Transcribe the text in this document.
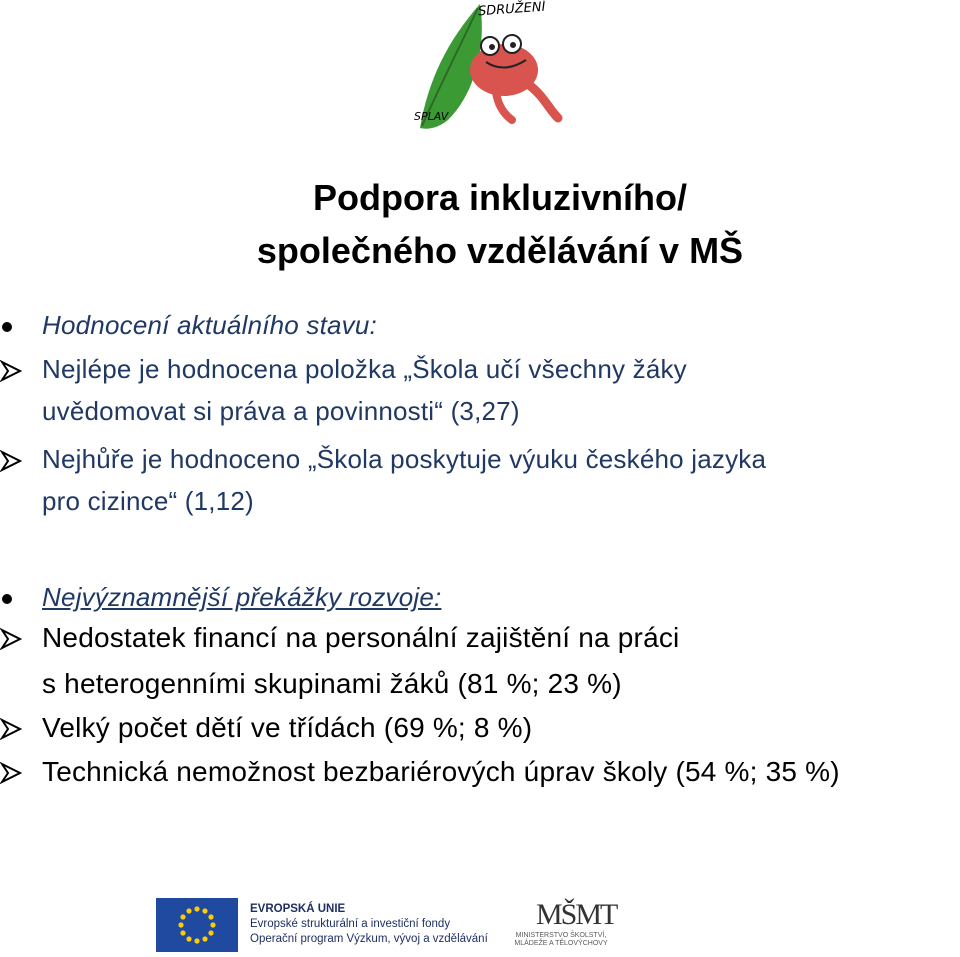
SDRUŽENÍ
SPLAV
Podpora inkluzivního/
společného vzdělávání v MŠ
Hodnocení aktuálního stavu:
Nejlépe je hodnocena položka „Škola učí všechny žáky
uvědomovat si práva a povinnosti“ (3,27)
Nejhůře je hodnoceno „Škola poskytuje výuku českého jazyka
pro cizince“ (1,12)
Nejvýznamnější překážky rozvoje:
Nedostatek financí na personální zajištění na práci
s heterogenními skupinami žáků (81 %; 23 %)
Velký počet dětí ve třídách (69 %; 8 %)
Technická nemožnost bezbariérových úprav školy (54 %; 35 %)
EVROPSKÁ UNIE
Evropské strukturální a investiční fondy
Operační program Výzkum, vývoj a vzdělávání
MŠMT
MINISTERSTVO ŠKOLSTVÍ,
MLÁDEŽE A TĚLOVÝCHOVY
